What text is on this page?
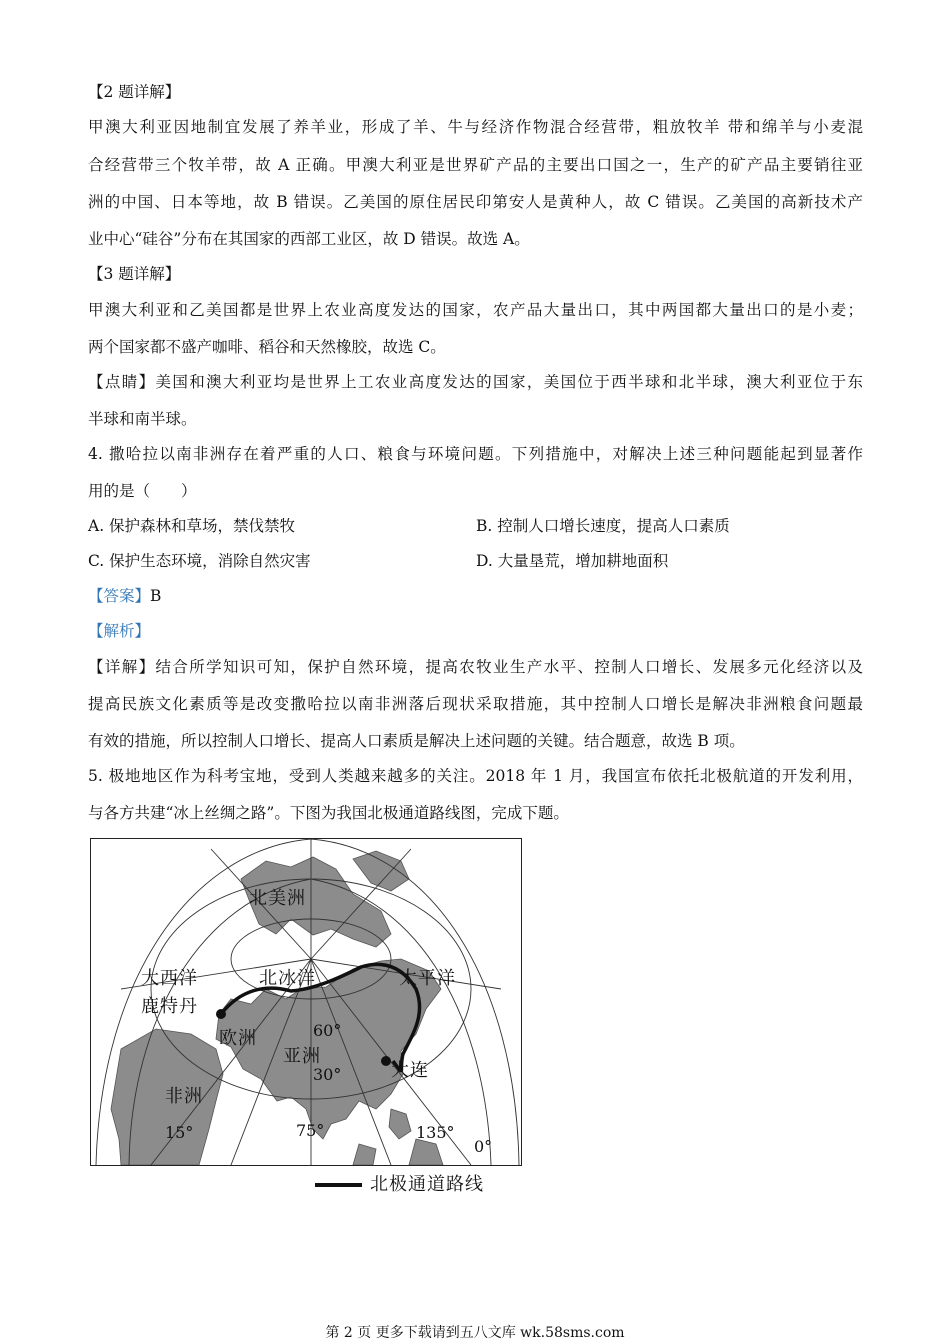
【2 题详解】
甲澳大利亚因地制宜发展了养羊业，形成了羊、牛与经济作物混合经营带，粗放牧羊 带和绵羊与小麦混
合经营带三个牧羊带，故 A 正确。甲澳大利亚是世界矿产品的主要出口国之一，生产的矿产品主要销往亚
洲的中国、日本等地，故 B 错误。乙美国的原住居民印第安人是黄种人，故 C 错误。乙美国的高新技术产
业中心“硅谷”分布在其国家的西部工业区，故 D 错误。故选 A。
【3 题详解】
甲澳大利亚和乙美国都是世界上农业高度发达的国家，农产品大量出口，其中两国都大量出口的是小麦；
两个国家都不盛产咖啡、稻谷和天然橡胶，故选 C。
【点睛】美国和澳大利亚均是世界上工农业高度发达的国家，美国位于西半球和北半球，澳大利亚位于东
半球和南半球。
4. 撒哈拉以南非洲存在着严重的人口、粮食与环境问题。下列措施中，对解决上述三种问题能起到显著作
用的是（　　）
A. 保护森林和草场，禁伐禁牧	B. 控制人口增长速度，提高人口素质
C. 保护生态环境，消除自然灾害	D. 大量垦荒，增加耕地面积
【答案】B
【解析】
【详解】结合所学知识可知，保护自然环境，提高农牧业生产水平、控制人口增长、发展多元化经济以及
提高民族文化素质等是改变撒哈拉以南非洲落后现状采取措施，其中控制人口增长是解决非洲粮食问题最
有效的措施，所以控制人口增长、提高人口素质是解决上述问题的关键。结合题意，故选 B 项。
5. 极地地区作为科考宝地，受到人类越来越多的关注。2018 年 1 月，我国宣布依托北极航道的开发利用，
与各方共建“冰上丝绸之路”。下图为我国北极通道路线图，完成下题。
北美洲
大西洋	北冰洋	太平洋
鹿特丹
欧洲
亚洲
非洲
大连
60°
30°
15°	75°	135°
0°
北极通道路线
第 2 页 更多下载请到五八文库 wk.58sms.com
